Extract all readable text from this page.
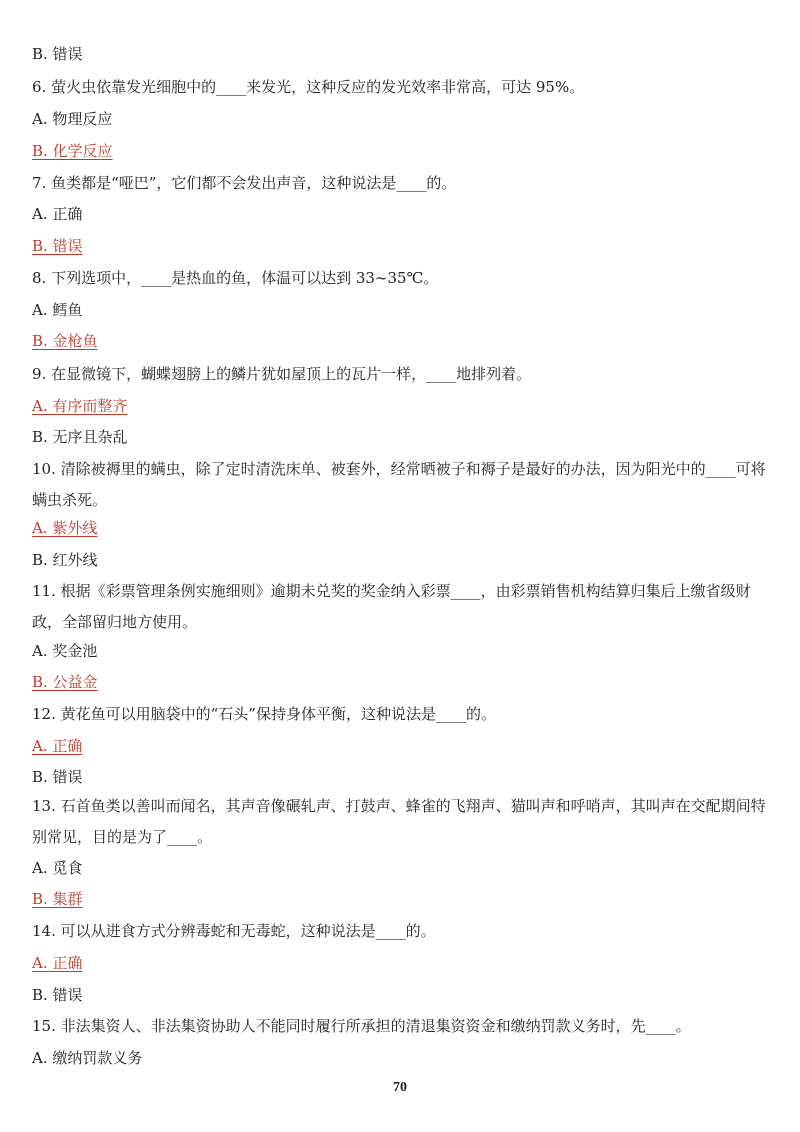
B. 错误
6. 萤火虫依靠发光细胞中的____来发光，这种反应的发光效率非常高，可达 95%。
A. 物理反应
B. 化学反应
7. 鱼类都是“哑巴”，它们都不会发出声音，这种说法是____的。
A. 正确
B. 错误
8. 下列选项中，____是热血的鱼，体温可以达到 33~35℃。
A. 鳕鱼
B. 金枪鱼
9. 在显微镜下，蝴蝶翅膀上的鳞片犹如屋顶上的瓦片一样，____地排列着。
A. 有序而整齐
B. 无序且杂乱
10. 清除被褥里的螨虫，除了定时清洗床单、被套外，经常晒被子和褥子是最好的办法，因为阳光中的____可将螨虫杀死。
A. 紫外线
B. 红外线
11. 根据《彩票管理条例实施细则》逾期未兑奖的奖金纳入彩票____，由彩票销售机构结算归集后上缴省级财政，全部留归地方使用。
A. 奖金池
B. 公益金
12. 黄花鱼可以用脑袋中的“石头”保持身体平衡，这种说法是____的。
A. 正确
B. 错误
13. 石首鱼类以善叫而闻名，其声音像碾轧声、打鼓声、蜂雀的飞翔声、猫叫声和呼哨声，其叫声在交配期间特别常见，目的是为了____。
A. 觅食
B. 集群
14. 可以从进食方式分辨毒蛇和无毒蛇，这种说法是____的。
A. 正确
B. 错误
15. 非法集资人、非法集资协助人不能同时履行所承担的清退集资资金和缴纳罚款义务时，先____。
A. 缴纳罚款义务
70
